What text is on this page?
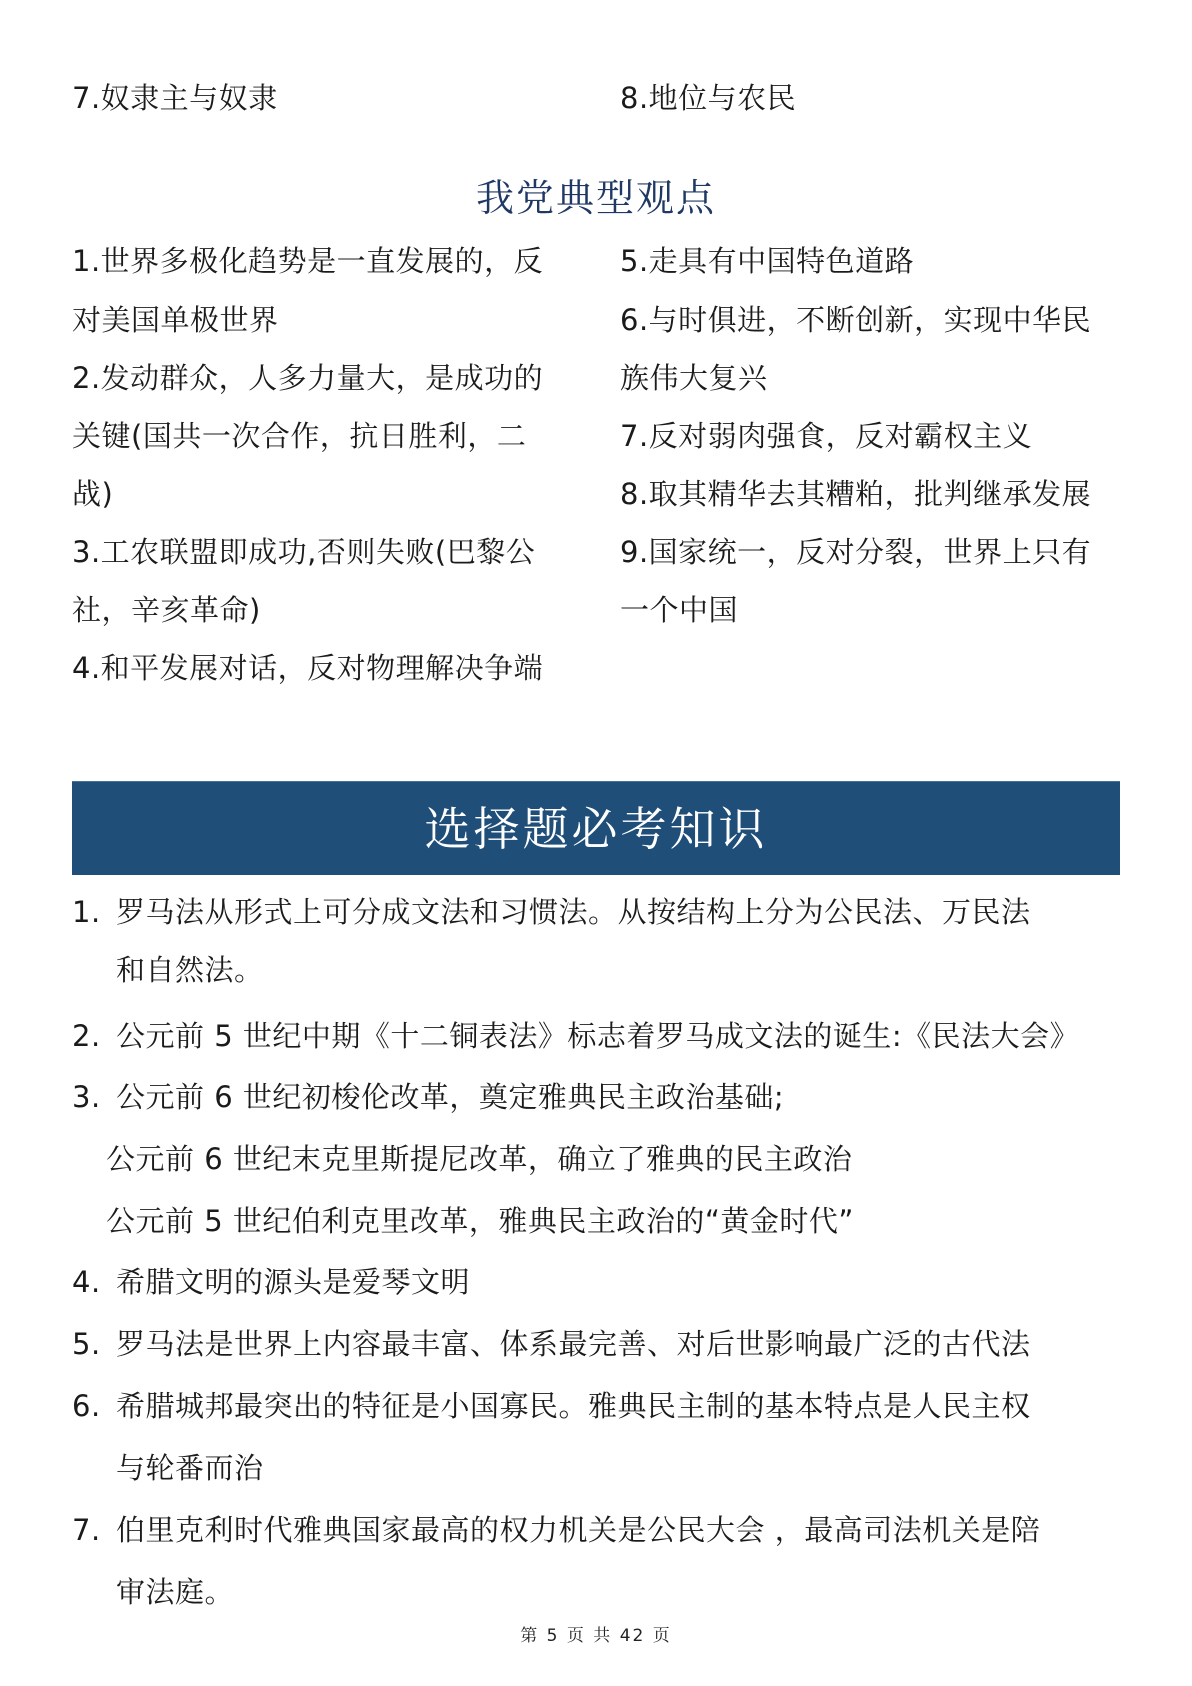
7.奴隶主与奴隶	8.地位与农民
我党典型观点
1.世界多极化趋势是一直发展的，反
对美国单极世界
2.发动群众，人多力量大，是成功的
关键(国共一次合作，抗日胜利，二
战)
3.工农联盟即成功,否则失败(巴黎公
社，辛亥革命)
4.和平发展对话，反对物理解决争端
5.走具有中国特色道路
6.与时俱进，不断创新，实现中华民
族伟大复兴
7.反对弱肉强食，反对霸权主义
8.取其精华去其糟粕，批判继承发展
9.国家统一，反对分裂，世界上只有
一个中国
选择题必考知识
1. 罗马法从形式上可分成文法和习惯法。从按结构上分为公民法、万民法
和自然法。
2. 公元前 5 世纪中期《十二铜表法》标志着罗马成文法的诞生:《民法大会》
3. 公元前 6 世纪初梭伦改革，奠定雅典民主政治基础;
公元前 6 世纪末克里斯提尼改革，确立了雅典的民主政治
公元前 5 世纪伯利克里改革，雅典民主政治的“黄金时代”
4. 希腊文明的源头是爱琴文明
5. 罗马法是世界上内容最丰富、体系最完善、对后世影响最广泛的古代法
6. 希腊城邦最突出的特征是小国寡民。雅典民主制的基本特点是人民主权
与轮番而治
7. 伯里克利时代雅典国家最高的权力机关是公民大会 ，最高司法机关是陪
审法庭。
第 5 页 共 42 页
